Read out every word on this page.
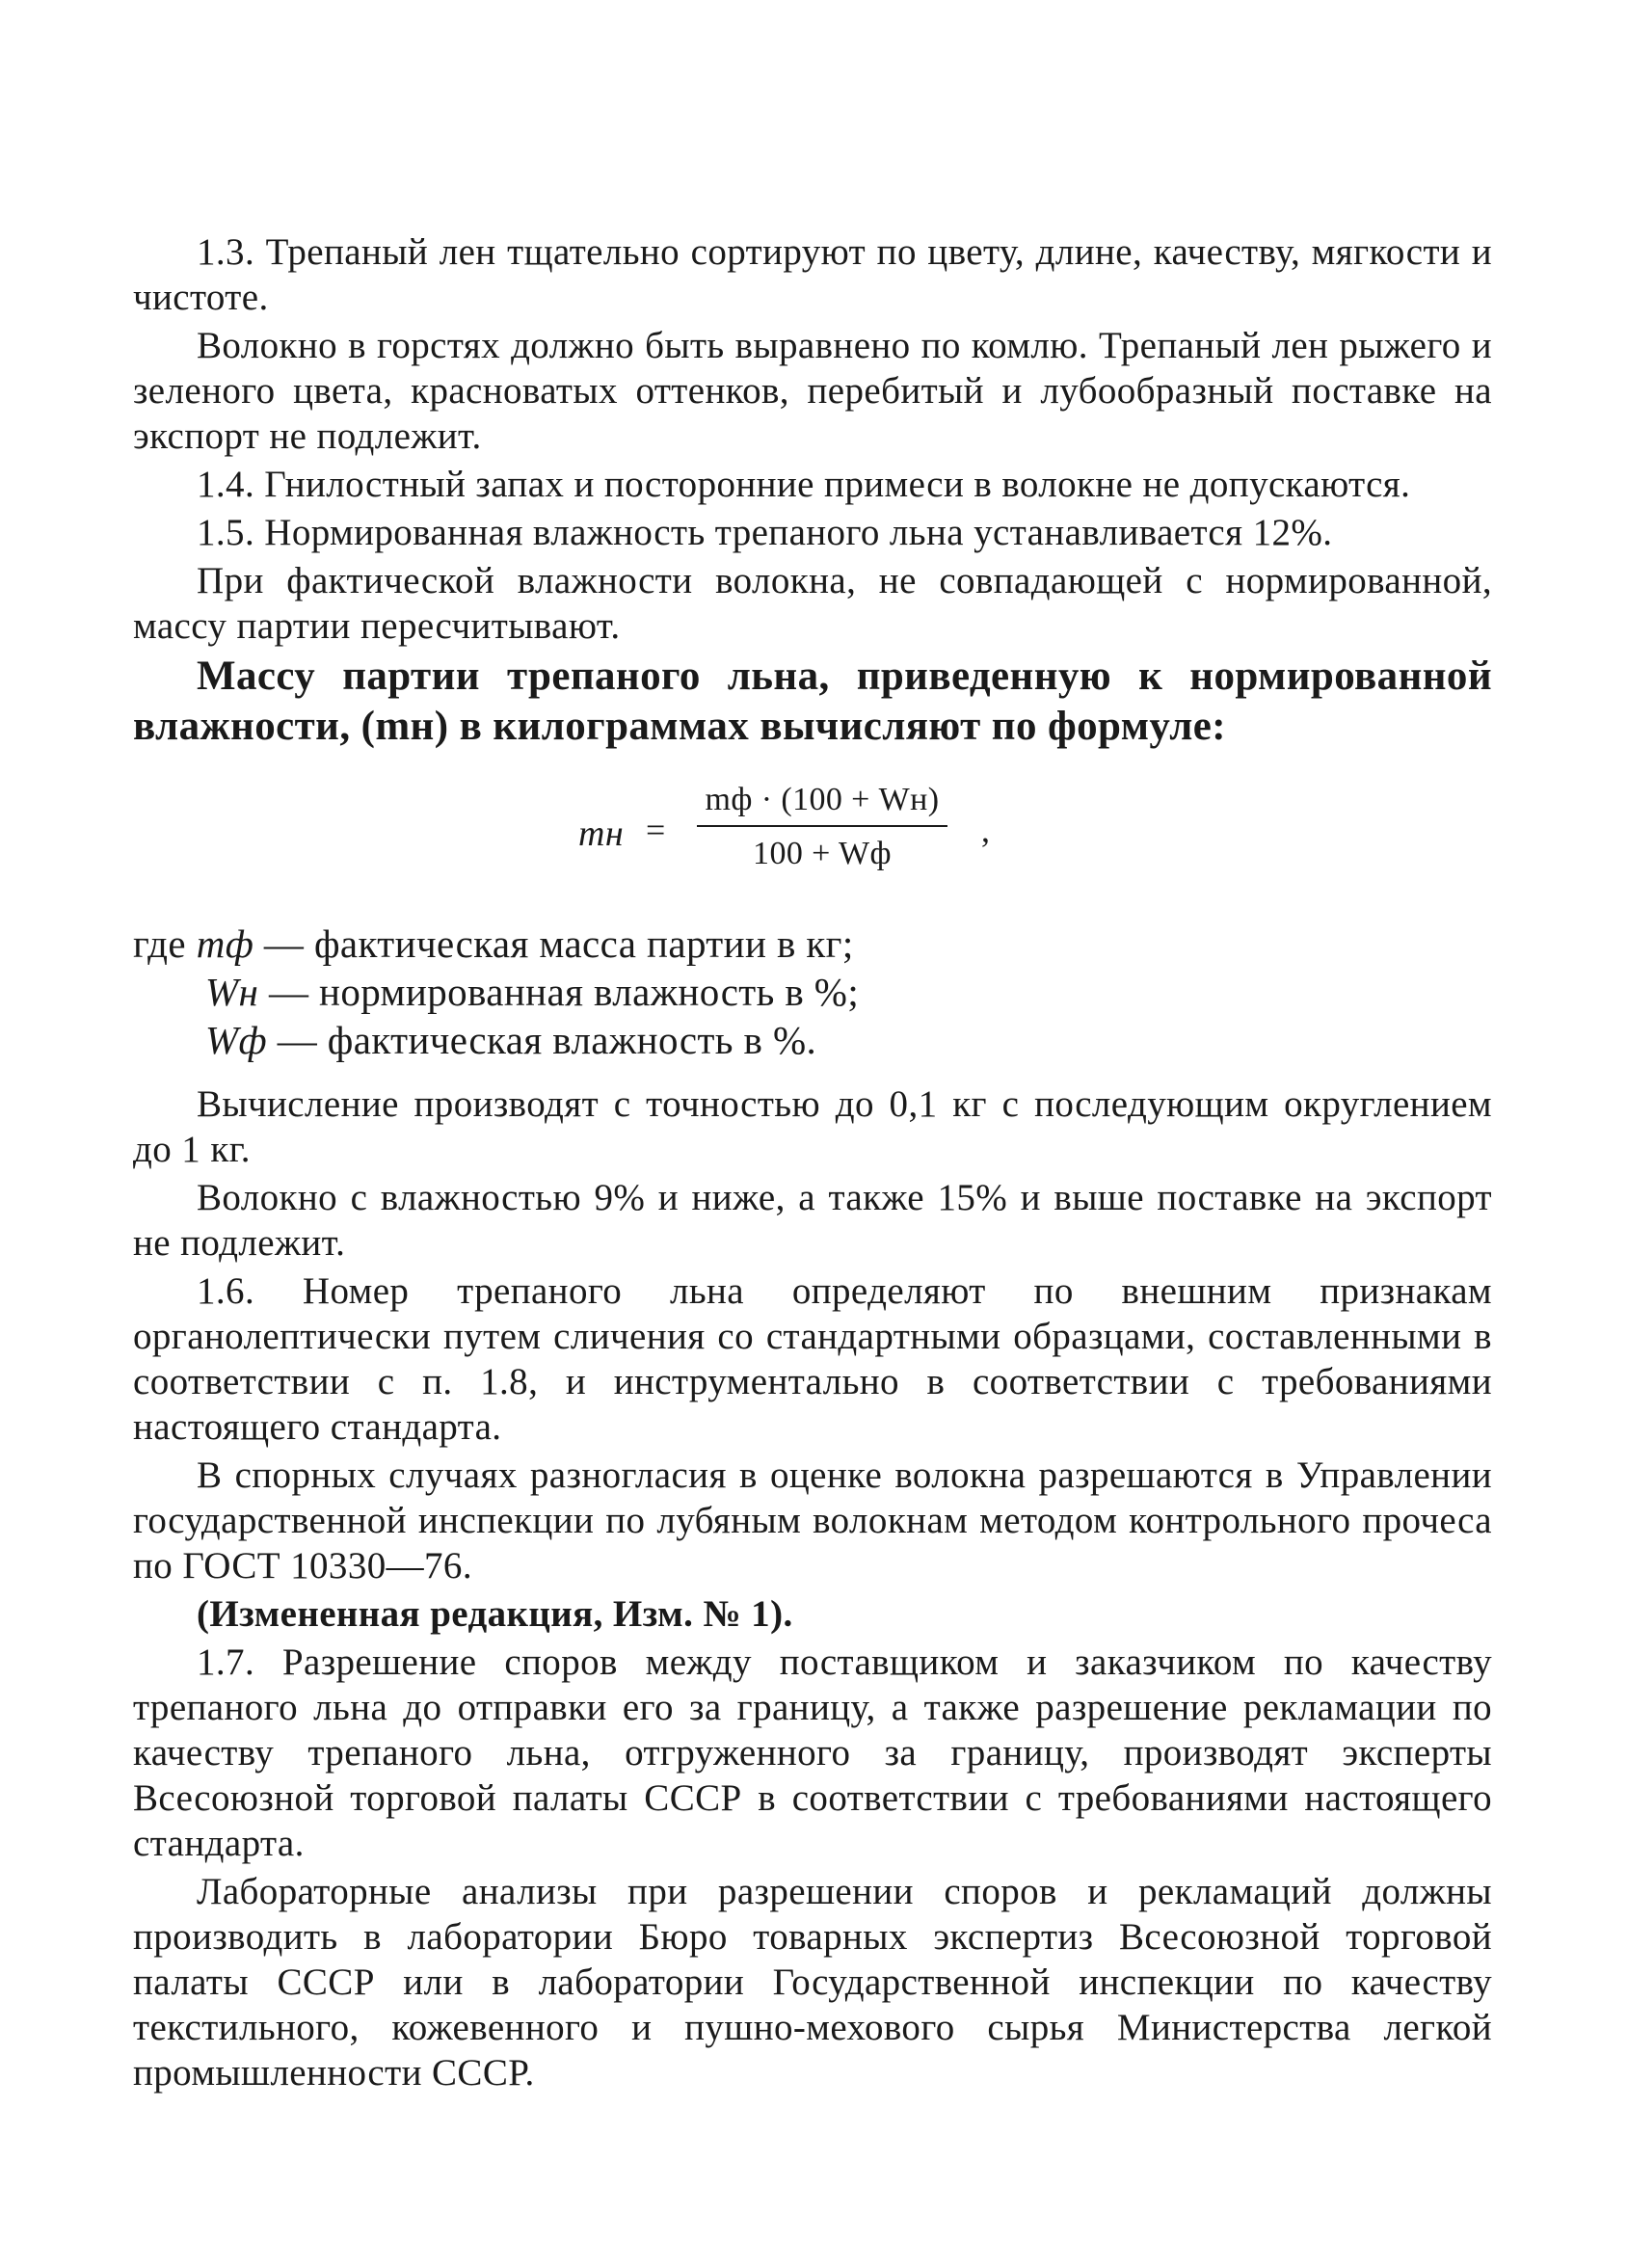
1.3. Трепаный лен тщательно сортируют по цвету, длине, качеству, мягкости и чистоте.

Волокно в горстях должно быть выравнено по комлю. Трепаный лен рыжего и зеленого цвета, красноватых оттенков, перебитый и лубообразный поставке на экспорт не подлежит.

1.4. Гнилостный запах и посторонние примеси в волокне не допускаются.

1.5. Нормированная влажность трепаного льна устанавливается 12%.

При фактической влажности волокна, не совпадающей с нормированной, массу партии пересчитывают.

Массу партии трепаного льна, приведенную к нормированной влажности, (mн) в килограммах вычисляют по формуле:

mн =
mф · (100 + Wн)
100 + Wф
,
где mф — фактическая масса партии в кг;
Wн — нормированная влажность в %;
Wф — фактическая влажность в %.

Вычисление производят с точностью до 0,1 кг с последующим округлением до 1 кг.

Волокно с влажностью 9% и ниже, а также 15% и выше поставке на экспорт не подлежит.

1.6. Номер трепаного льна определяют по внешним признакам органолептически путем сличения со стандартными образцами, составленными в соответствии с п. 1.8, и инструментально в соответствии с требованиями настоящего стандарта.

В спорных случаях разногласия в оценке волокна разрешаются в Управлении государственной инспекции по лубяным волокнам методом контрольного прочеса по ГОСТ 10330—76.

(Измененная редакция, Изм. № 1).

1.7. Разрешение споров между поставщиком и заказчиком по качеству трепаного льна до отправки его за границу, а также разрешение рекламации по качеству трепаного льна, отгруженного за границу, производят эксперты Всесоюзной торговой палаты СССР в соответствии с требованиями настоящего стандарта.

Лабораторные анализы при разрешении споров и рекламаций должны производить в лаборатории Бюро товарных экспертиз Всесоюзной торговой палаты СССР или в лаборатории Государственной инспекции по качеству текстильного, кожевенного и пушно-мехового сырья Министерства легкой промышленности СССР.
